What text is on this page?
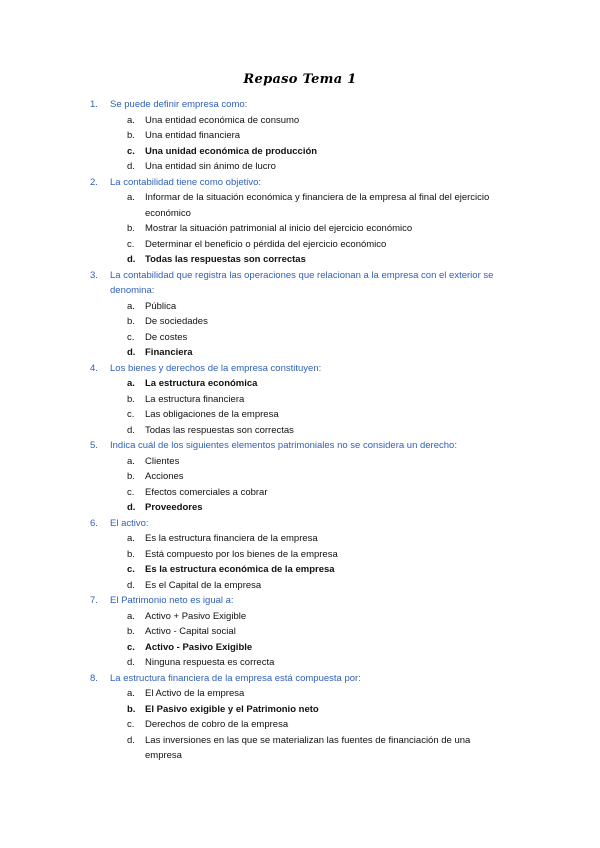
Repaso Tema 1
1. Se puede definir empresa como:
a. Una entidad económica de consumo
b. Una entidad financiera
c. Una unidad económica de producción
d. Una entidad sin ánimo de lucro
2. La contabilidad tiene como objetivo:
a. Informar de la situación económica y financiera de la empresa al final del ejercicio económico
b. Mostrar la situación patrimonial al inicio del ejercicio económico
c. Determinar el beneficio o pérdida del ejercicio económico
d. Todas las respuestas son correctas
3. La contabilidad que registra las operaciones que relacionan a la empresa con el exterior se denomina:
a. Pública
b. De sociedades
c. De costes
d. Financiera
4. Los bienes y derechos de la empresa constituyen:
a. La estructura económica
b. La estructura financiera
c. Las obligaciones de la empresa
d. Todas las respuestas son correctas
5. Indica cuál de los siguientes elementos patrimoniales no se considera un derecho:
a. Clientes
b. Acciones
c. Efectos comerciales a cobrar
d. Proveedores
6. El activo:
a. Es la estructura financiera de la empresa
b. Está compuesto por los bienes de la empresa
c. Es la estructura económica de la empresa
d. Es el Capital de la empresa
7. El Patrimonio neto es igual a:
a. Activo + Pasivo Exigible
b. Activo - Capital social
c. Activo - Pasivo Exigible
d. Ninguna respuesta es correcta
8. La estructura financiera de la empresa está compuesta por:
a. El Activo de la empresa
b. El Pasivo exigible y el Patrimonio neto
c. Derechos de cobro de la empresa
d. Las inversiones en las que se materializan las fuentes de financiación de una empresa
